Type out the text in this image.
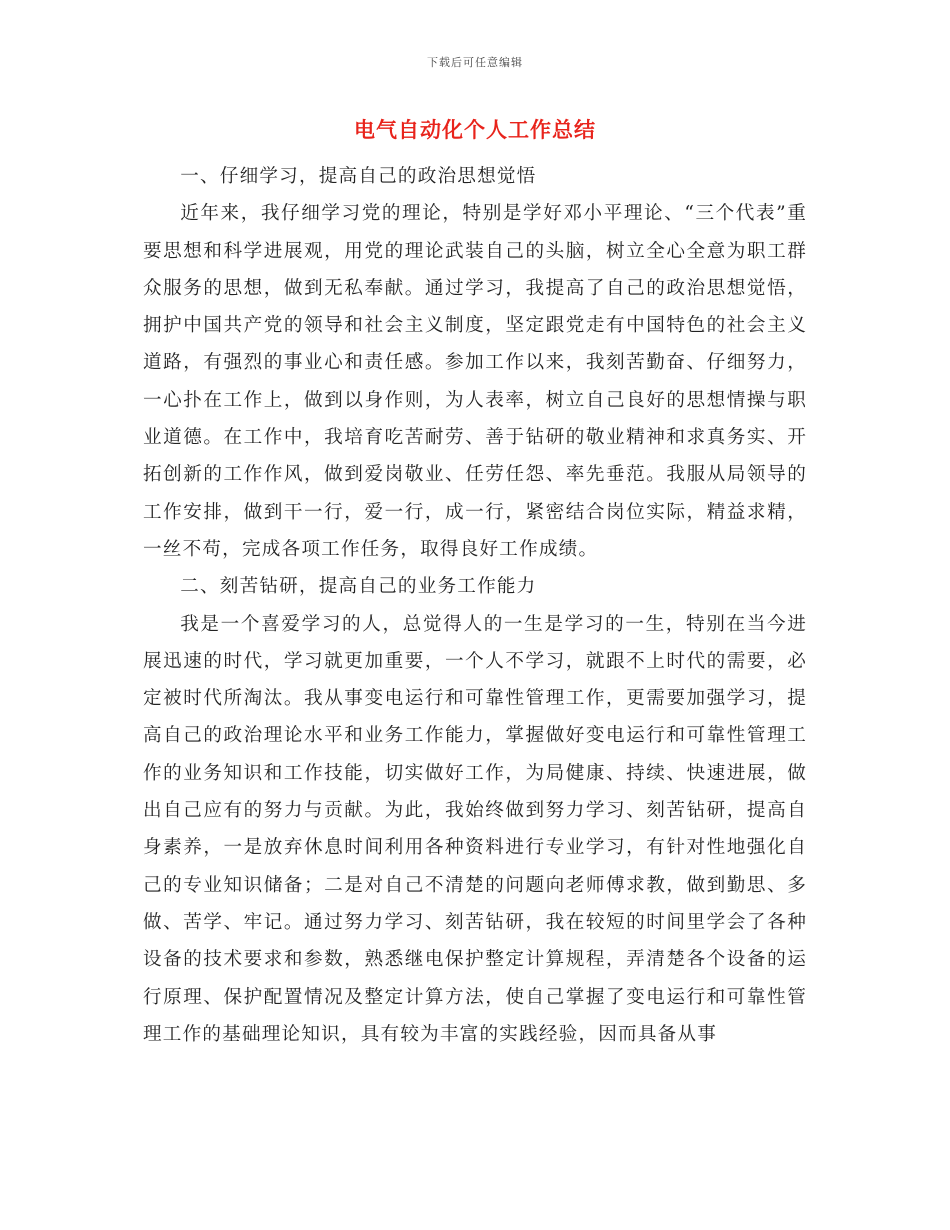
下载后可任意编辑
电气自动化个人工作总结

一、仔细学习，提高自己的政治思想觉悟

近年来，我仔细学习党的理论，特别是学好邓小平理论、“三个代表”重要思想和科学进展观，用党的理论武装自己的头脑，树立全心全意为职工群众服务的思想，做到无私奉献。通过学习，我提高了自己的政治思想觉悟，拥护中国共产党的领导和社会主义制度，坚定跟党走有中国特色的社会主义道路，有强烈的事业心和责任感。参加工作以来，我刻苦勤奋、仔细努力，一心扑在工作上，做到以身作则，为人表率，树立自己良好的思想情操与职业道德。在工作中，我培育吃苦耐劳、善于钻研的敬业精神和求真务实、开拓创新的工作作风，做到爱岗敬业、任劳任怨、率先垂范。我服从局领导的工作安排，做到干一行，爱一行，成一行，紧密结合岗位实际，精益求精，一丝不苟，完成各项工作任务，取得良好工作成绩。

二、刻苦钻研，提高自己的业务工作能力

我是一个喜爱学习的人，总觉得人的一生是学习的一生，特别在当今进展迅速的时代，学习就更加重要，一个人不学习，就跟不上时代的需要，必定被时代所淘汰。我从事变电运行和可靠性管理工作，更需要加强学习，提高自己的政治理论水平和业务工作能力，掌握做好变电运行和可靠性管理工作的业务知识和工作技能，切实做好工作，为局健康、持续、快速进展，做出自己应有的努力与贡献。为此，我始终做到努力学习、刻苦钻研，提高自身素养，一是放弃休息时间利用各种资料进行专业学习，有针对性地强化自己的专业知识储备；二是对自己不清楚的问题向老师傅求教，做到勤思、多做、苦学、牢记。通过努力学习、刻苦钻研，我在较短的时间里学会了各种设备的技术要求和参数，熟悉继电保护整定计算规程，弄清楚各个设备的运行原理、保护配置情况及整定计算方法，使自己掌握了变电运行和可靠性管理工作的基础理论知识，具有较为丰富的实践经验，因而具备从事
